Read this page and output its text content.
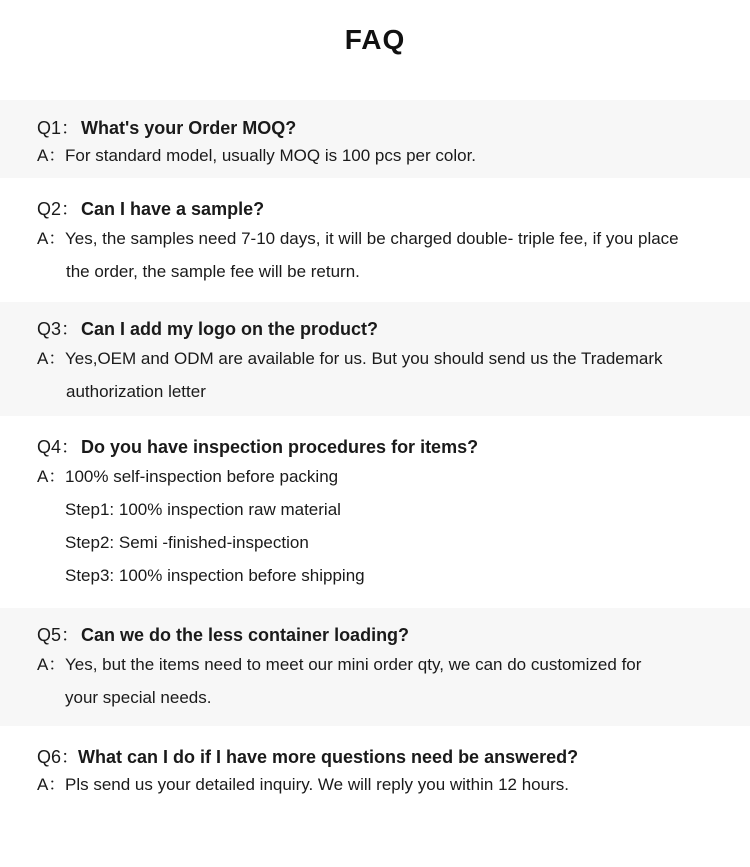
FAQ
Q1： What's your Order MOQ?
A： For standard model, usually MOQ is 100 pcs per color.
Q2： Can I have a sample?
A： Yes, the samples need 7-10 days, it will be charged double- triple fee, if you place
the order, the sample fee will be return.
Q3： Can I add my logo on the product?
A： Yes,OEM and ODM are available for us. But you should send us the Trademark
authorization letter
Q4： Do you have inspection procedures for items?
A： 100% self-inspection before packing
Step1: 100% inspection raw material
Step2: Semi -finished-inspection
Step3: 100% inspection before shipping
Q5： Can we do the less container loading?
A： Yes, but the items need to meet our mini order qty, we can do customized for
your special needs.
Q6：
What can I do if I have more questions need be answered?
A： Pls send us your detailed inquiry. We will reply you within 12 hours.
